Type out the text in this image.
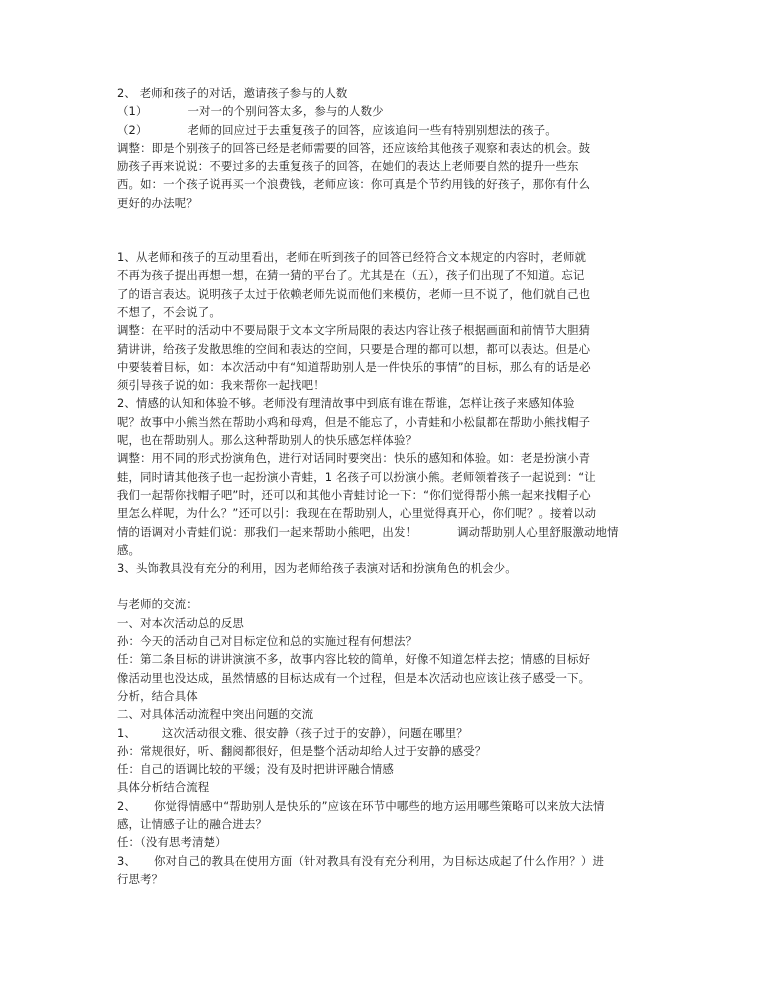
2、 老师和孩子的对话，邀请孩子参与的人数
（1）	一对一的个别问答太多，参与的人数少
（2）	老师的回应过于去重复孩子的回答，应该追问一些有特别别想法的孩子。
调整：即是个别孩子的回答已经是老师需要的回答，还应该给其他孩子观察和表达的机会。鼓
励孩子再来说说：不要过多的去重复孩子的回答，在她们的表达上老师要自然的提升一些东
西。如：一个孩子说再买一个浪费钱，老师应该：你可真是个节约用钱的好孩子，那你有什么
更好的办法呢？
1、从老师和孩子的互动里看出，老师在听到孩子的回答已经符合文本规定的内容时，老师就
不再为孩子提出再想一想，在猜一猜的平台了。尤其是在（五），孩子们出现了不知道。忘记
了的语言表达。说明孩子太过于依赖老师先说而他们来模仿，老师一旦不说了，他们就自己也
不想了，不会说了。
调整：在平时的活动中不要局限于文本文字所局限的表达内容让孩子根据画面和前情节大胆猜
猜讲讲，给孩子发散思维的空间和表达的空间，只要是合理的都可以想，都可以表达。但是心
中要装着目标，如：本次活动中有“知道帮助别人是一件快乐的事情”的目标，那么有的话是必
须引导孩子说的如：我来帮你一起找吧！
2、情感的认知和体验不够。老师没有理清故事中到底有谁在帮谁，怎样让孩子来感知体验
呢？故事中小熊当然在帮助小鸡和母鸡，但是不能忘了，小青蛙和小松鼠都在帮助小熊找帽子
呢，也在帮助别人。那么这种帮助别人的快乐感怎样体验？
调整：用不同的形式扮演角色，进行对话同时要突出：快乐的感知和体验。如：老是扮演小青
蛙，同时请其他孩子也一起扮演小青蛙，1 名孩子可以扮演小熊。老师领着孩子一起说到：“让
我们一起帮你找帽子吧”时，还可以和其他小青蛙讨论一下：“你们觉得帮小熊一起来找帽子心
里怎么样呢，为什么？”还可以引：我现在在帮助别人，心里觉得真开心，你们呢？。接着以动
情的语调对小青蛙们说：那我们一起来帮助小熊吧，出发！	调动帮助别人心里舒服激动地情
感。
3、头饰教具没有充分的利用，因为老师给孩子表演对话和扮演角色的机会少。
与老师的交流：
一、对本次活动总的反思
孙：今天的活动自己对目标定位和总的实施过程有何想法？
任：第二条目标的讲讲演演不多，故事内容比较的简单，好像不知道怎样去挖；情感的目标好
像活动里也没达成，虽然情感的目标达成有一个过程，但是本次活动也应该让孩子感受一下。
分析，结合具体
二、对具体活动流程中突出问题的交流
1、 这次活动很文雅、很安静（孩子过于的安静），问题在哪里？
孙：常规很好，听、翻阅都很好，但是整个活动却给人过于安静的感受？
任：自己的语调比较的平缓；没有及时把讲评融合情感
具体分析结合流程
2、 你觉得情感中“帮助别人是快乐的”应该在环节中哪些的地方运用哪些策略可以来放大法情
感，让情感子让的融合进去？
任：（没有思考清楚）
3、 你对自己的教具在使用方面（针对教具有没有充分利用，为目标达成起了什么作用？）进
行思考？
